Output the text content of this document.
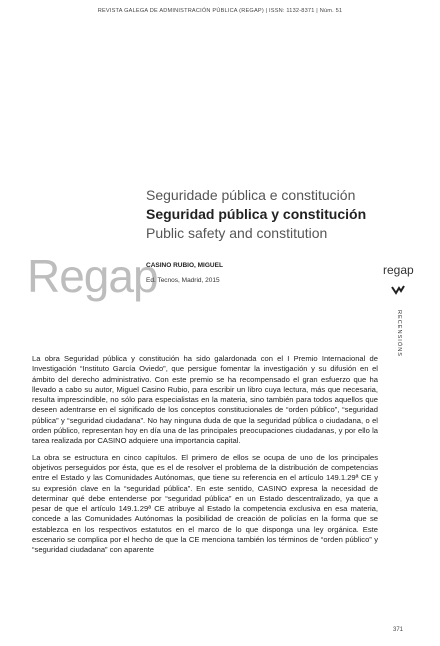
REVISTA GALEGA DE ADMINISTRACIÓN PÚBLICA (REGAP) | ISSN: 1132-8371 | Núm. 51
Seguridade pública e constitución
Seguridad pública y constitución
Public safety and constitution
Regap
CASINO RUBIO, MIGUEL
Ed. Tecnos, Madrid, 2015
regap
RECENSIÓNS

La obra Seguridad pública y constitución ha sido galardonada con el I Premio Internacional de Investigación “Instituto García Oviedo”, que persigue fomentar la investigación y su difusión en el ámbito del derecho administrativo. Con este premio se ha recompensado el gran esfuerzo que ha llevado a cabo su autor, Miguel Casino Rubio, para escribir un libro cuya lectura, más que necesaria, resulta imprescindible, no sólo para especialistas en la materia, sino también para todos aquellos que deseen adentrarse en el significado de los conceptos constitucionales de “orden público”, “seguridad pública” y “seguridad ciudadana”. No hay ninguna duda de que la seguridad pública o ciudadana, o el orden público, representan hoy en día una de las principales preocupaciones ciudadanas, y por ello la tarea realizada por CASINO adquiere una importancia capital.

La obra se estructura en cinco capítulos. El primero de ellos se ocupa de uno de los principales objetivos perseguidos por ésta, que es el de resolver el problema de la distribución de competencias entre el Estado y las Comunidades Autónomas, que tiene su referencia en el artículo 149.1.29ª CE y su expresión clave en la “seguridad pública”. En este sentido, CASINO expresa la necesidad de determinar qué debe entenderse por “seguridad pública” en un Estado descentralizado, ya que a pesar de que el artículo 149.1.29ª CE atribuye al Estado la competencia exclusiva en esa materia, concede a las Comunidades Autónomas la posibilidad de creación de policías en la forma que se establezca en los respectivos estatutos en el marco de lo que disponga una ley orgánica. Este escenario se complica por el hecho de que la CE menciona también los términos de “orden público” y “seguridad ciudadana” con aparente

371
